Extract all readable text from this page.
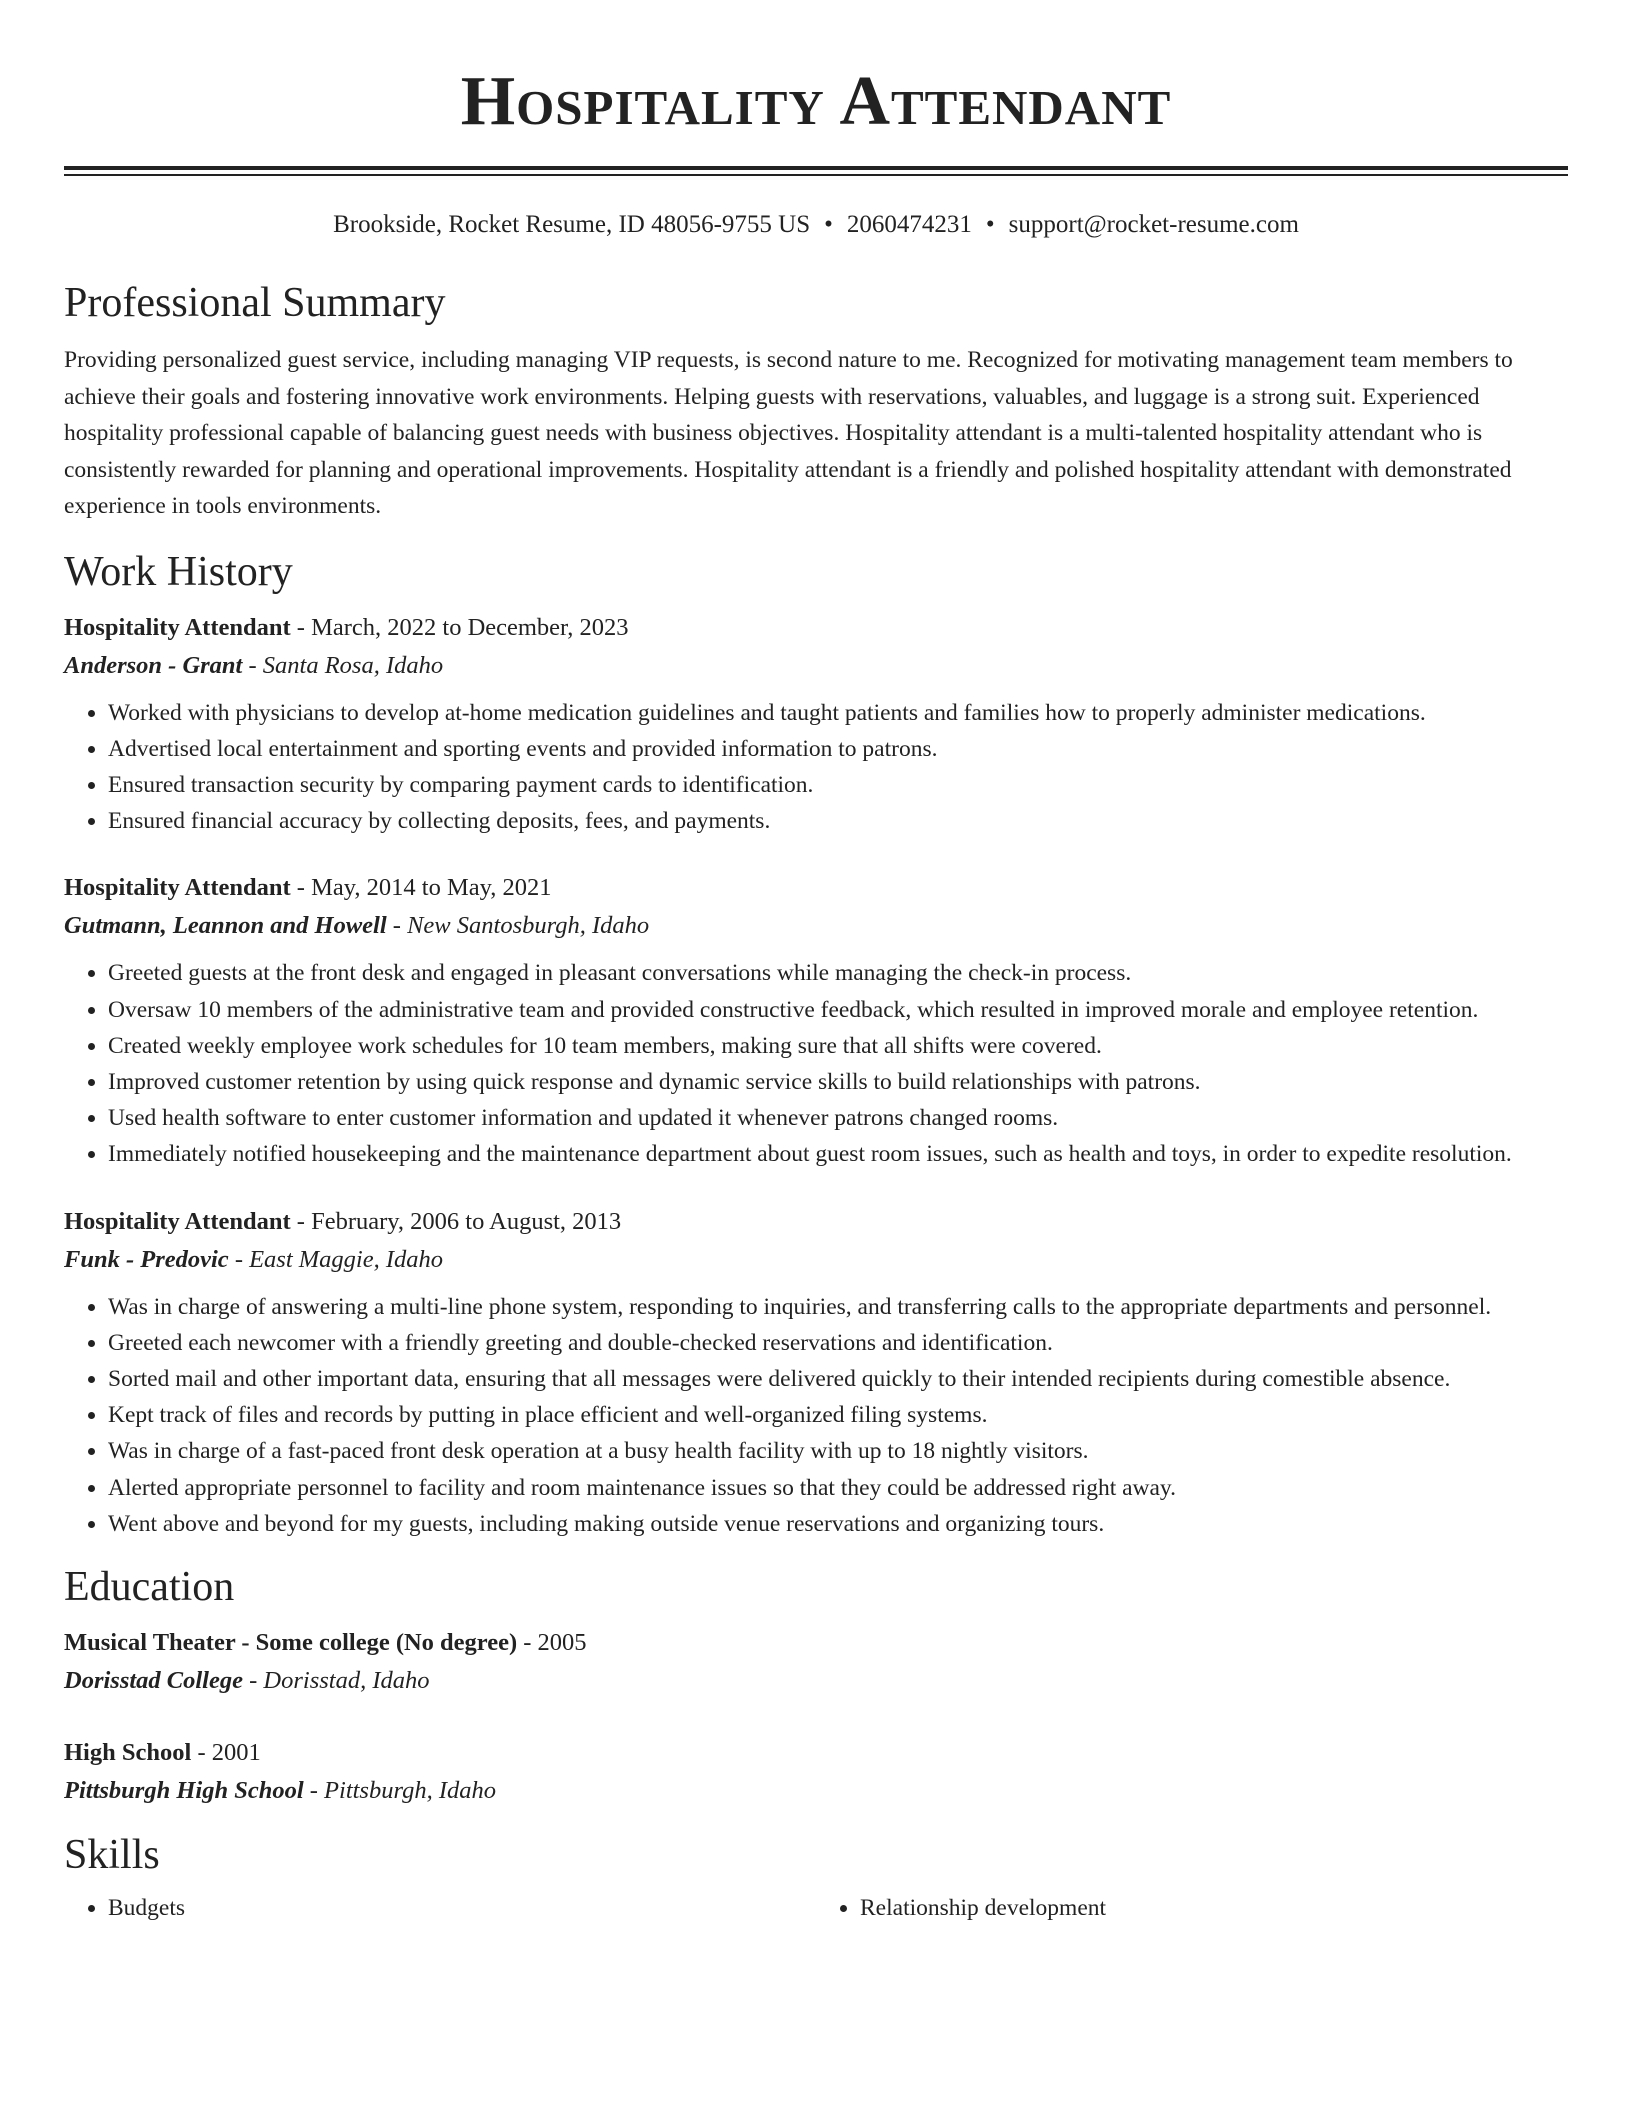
Hospitality Attendant
Brookside, Rocket Resume, ID 48056-9755 US • 2060474231 • support@rocket-resume.com
Professional Summary

Providing personalized guest service, including managing VIP requests, is second nature to me. Recognized for motivating management team members to achieve their goals and fostering innovative work environments. Helping guests with reservations, valuables, and luggage is a strong suit. Experienced hospitality professional capable of balancing guest needs with business objectives. Hospitality attendant is a multi-talented hospitality attendant who is consistently rewarded for planning and operational improvements. Hospitality attendant is a friendly and polished hospitality attendant with demonstrated experience in tools environments.

Work History
Hospitality Attendant - March, 2022 to December, 2023
Anderson - Grant - Santa Rosa, Idaho
• Worked with physicians to develop at-home medication guidelines and taught patients and families how to properly administer medications.
• Advertised local entertainment and sporting events and provided information to patrons.
• Ensured transaction security by comparing payment cards to identification.
• Ensured financial accuracy by collecting deposits, fees, and payments.
Hospitality Attendant - May, 2014 to May, 2021
Gutmann, Leannon and Howell - New Santosburgh, Idaho
• Greeted guests at the front desk and engaged in pleasant conversations while managing the check-in process.
• Oversaw 10 members of the administrative team and provided constructive feedback, which resulted in improved morale and employee retention.
• Created weekly employee work schedules for 10 team members, making sure that all shifts were covered.
• Improved customer retention by using quick response and dynamic service skills to build relationships with patrons.
• Used health software to enter customer information and updated it whenever patrons changed rooms.
• Immediately notified housekeeping and the maintenance department about guest room issues, such as health and toys, in order to expedite resolution.
Hospitality Attendant - February, 2006 to August, 2013
Funk - Predovic - East Maggie, Idaho
• Was in charge of answering a multi-line phone system, responding to inquiries, and transferring calls to the appropriate departments and personnel.
• Greeted each newcomer with a friendly greeting and double-checked reservations and identification.
• Sorted mail and other important data, ensuring that all messages were delivered quickly to their intended recipients during comestible absence.
• Kept track of files and records by putting in place efficient and well-organized filing systems.
• Was in charge of a fast-paced front desk operation at a busy health facility with up to 18 nightly visitors.
• Alerted appropriate personnel to facility and room maintenance issues so that they could be addressed right away.
• Went above and beyond for my guests, including making outside venue reservations and organizing tours.
Education
Musical Theater - Some college (No degree) - 2005
Dorisstad College - Dorisstad, Idaho
High School - 2001
Pittsburgh High School - Pittsburgh, Idaho
Skills
• Budgets
•	Relationship development
